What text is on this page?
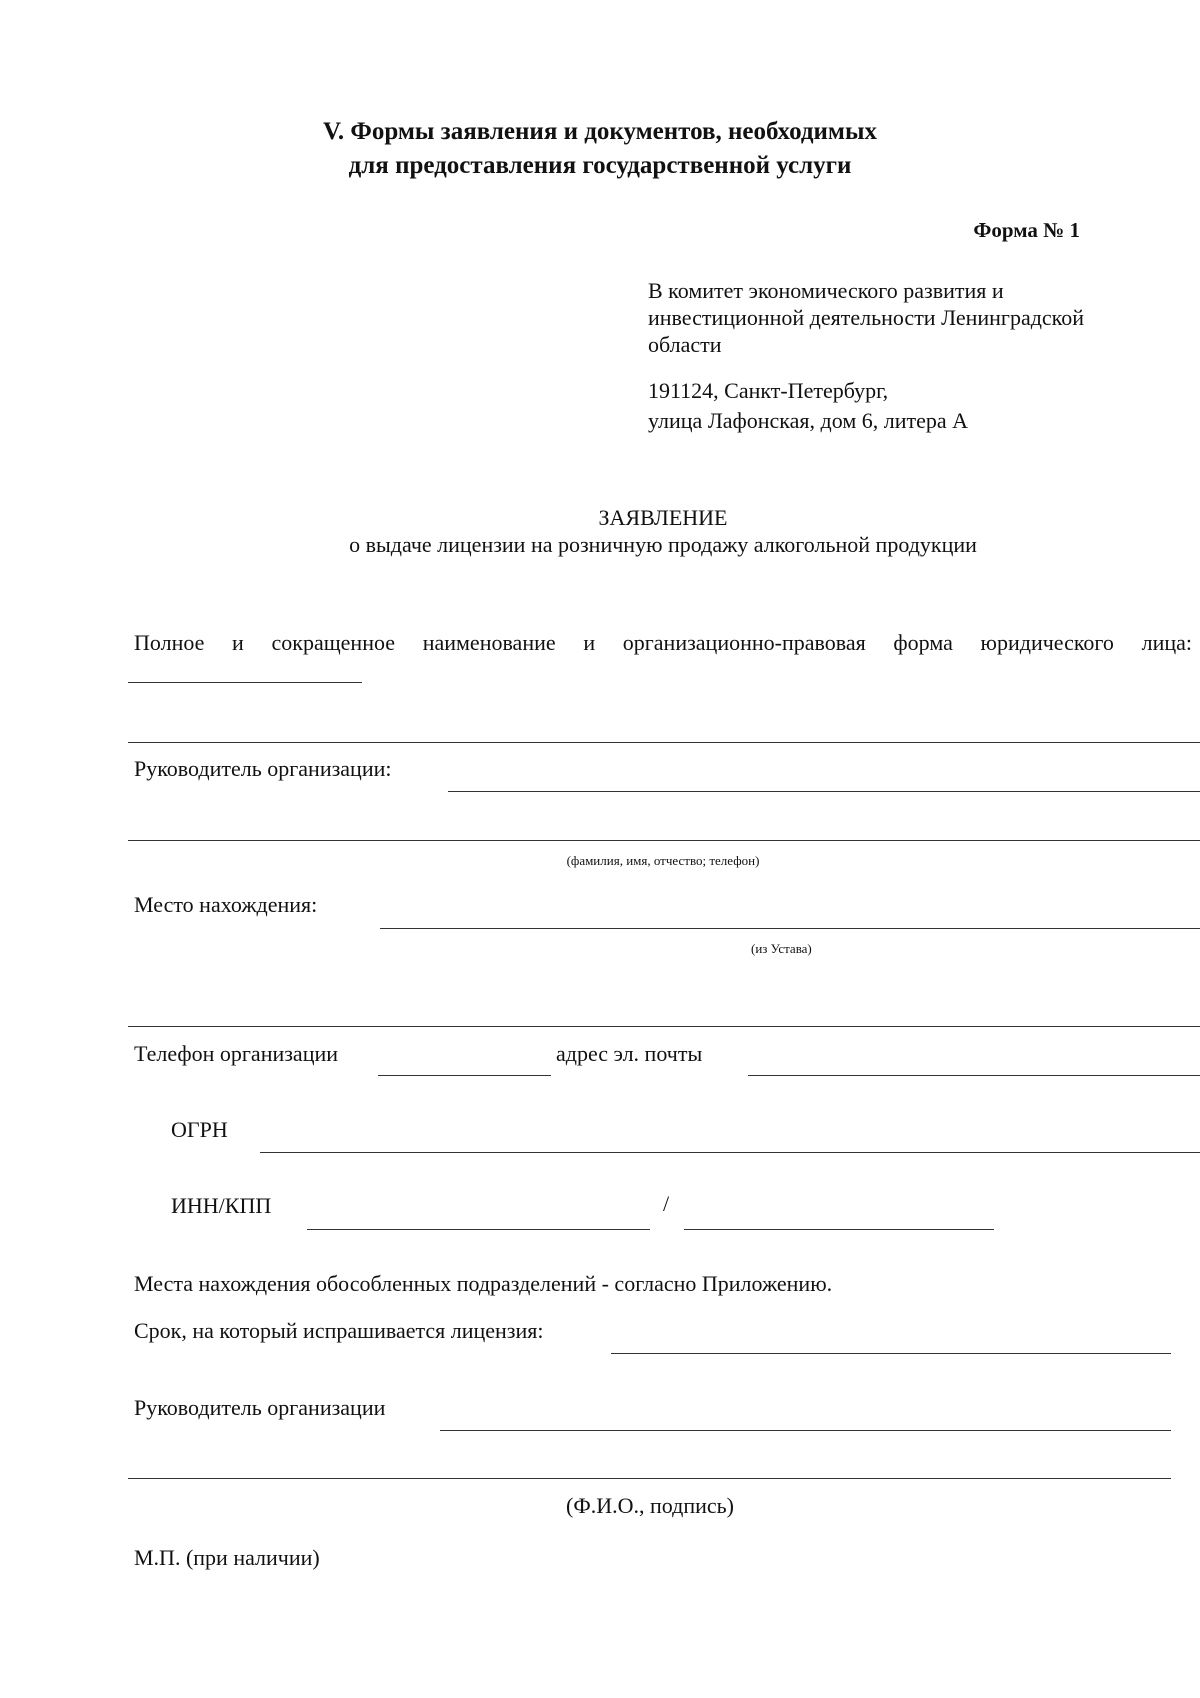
V. Формы заявления и документов, необходимых
для предоставления государственной услуги
Форма № 1
В комитет экономического развития и
инвестиционной деятельности Ленинградской
области
191124, Санкт-Петербург,
улица Лафонская, дом 6, литера А
ЗАЯВЛЕНИЕ
о выдаче лицензии на розничную продажу алкогольной продукции
Полное и сокращенное наименование и организационно-правовая форма юридического лица:
Руководитель организации:
(фамилия, имя, отчество; телефон)
Место нахождения:
(из Устава)
Телефон организации	адрес эл. почты
ОГРН
ИНН/КПП	/
Места нахождения обособленных подразделений - согласно Приложению.
Срок, на который испрашивается лицензия:
Руководитель организации
(Ф.И.О., подпись)
М.П. (при наличии)
